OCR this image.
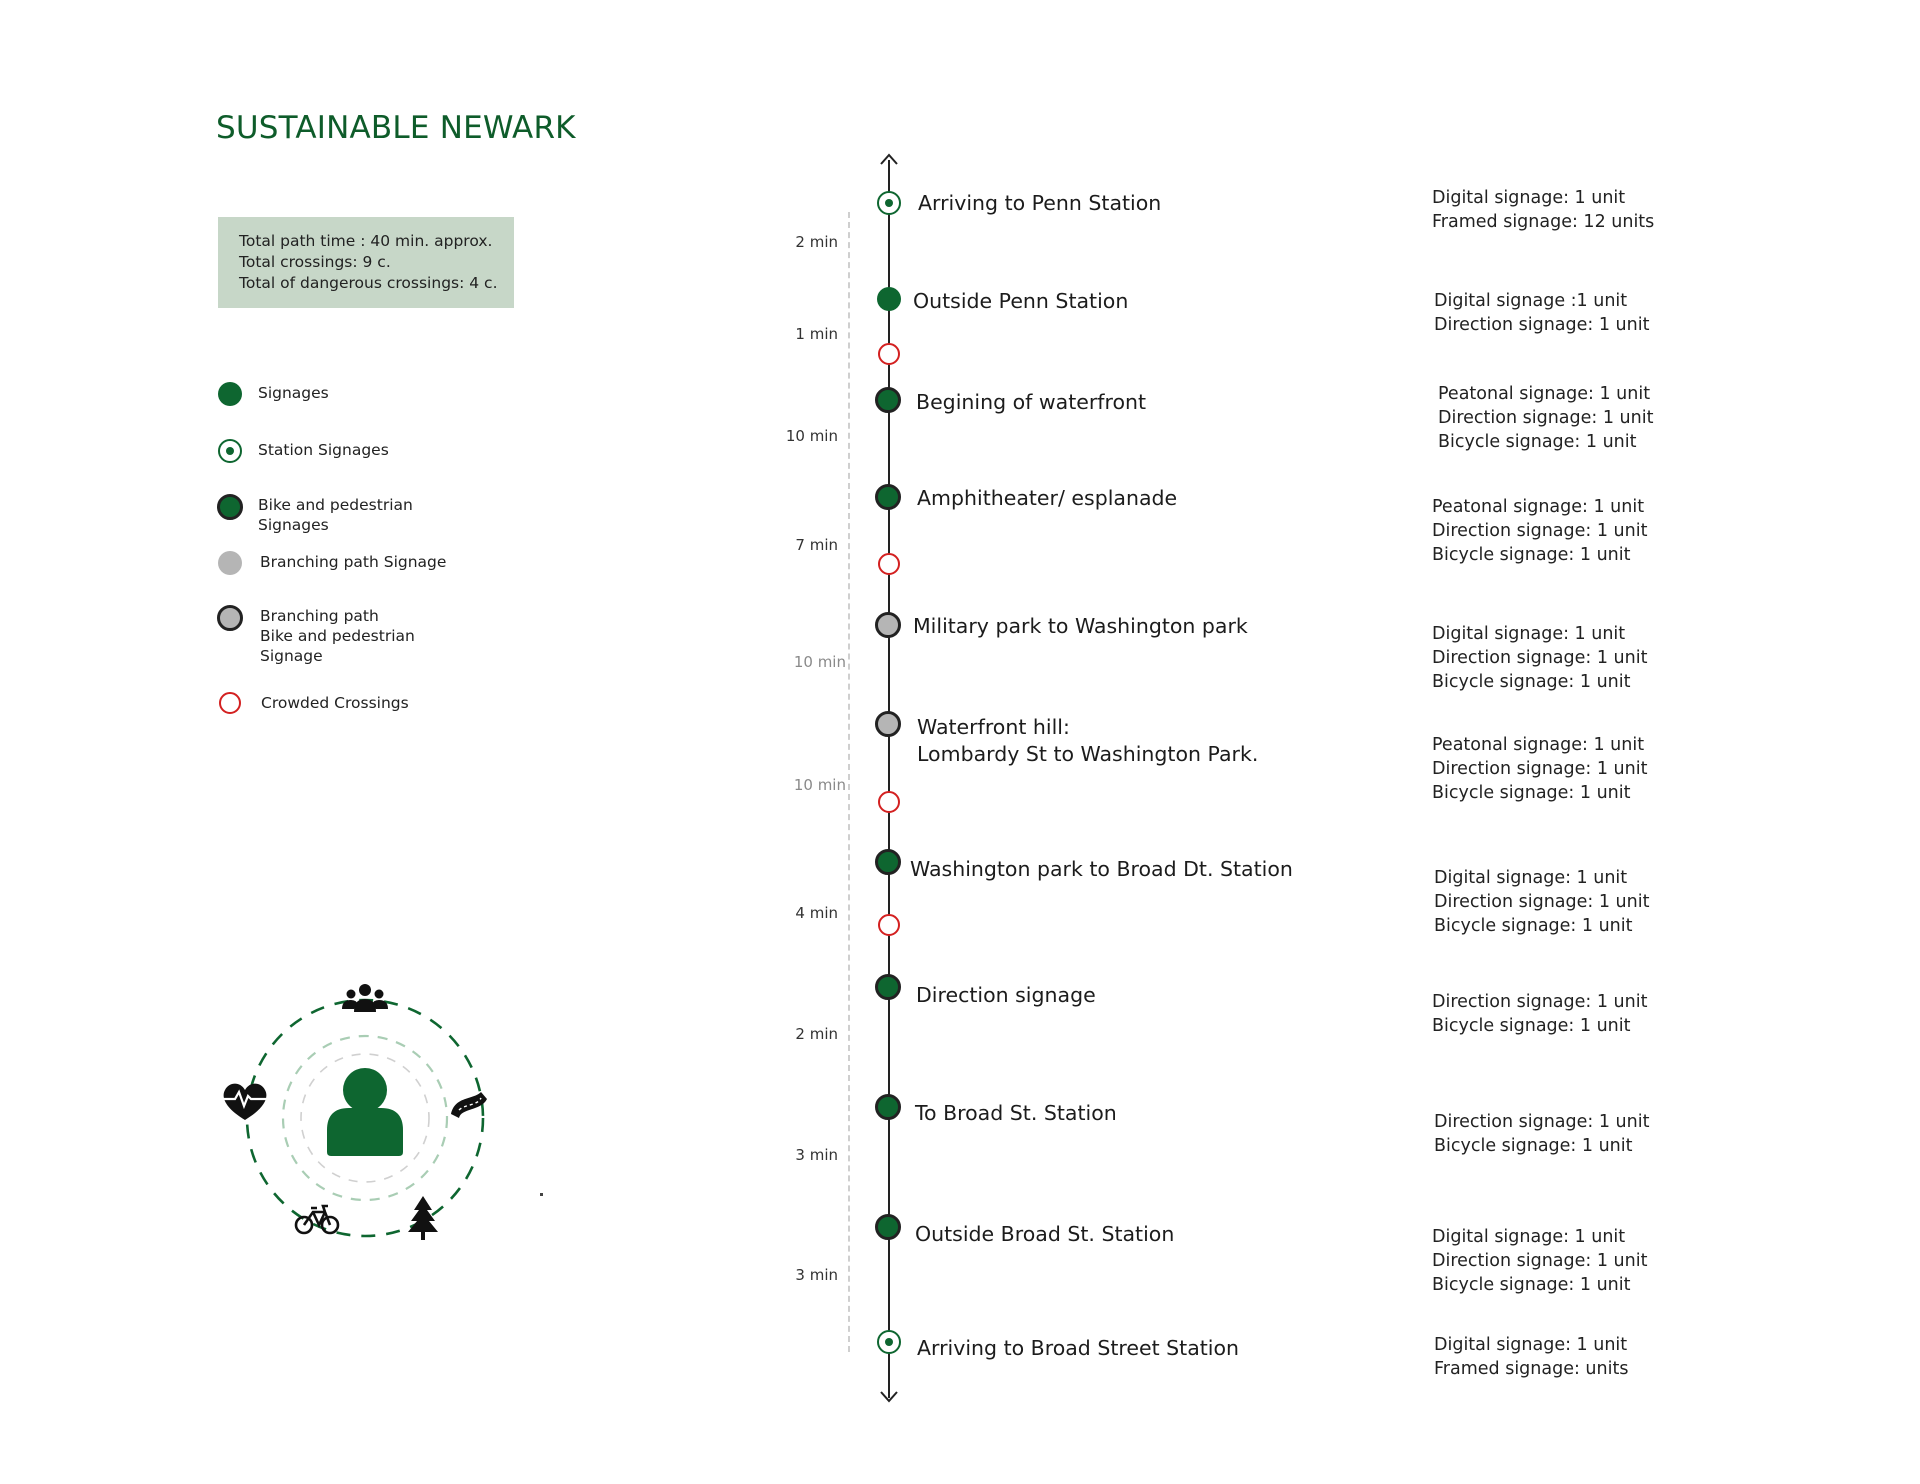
SUSTAINABLE NEWARK
Total path time : 40 min. approx.
Total crossings: 9 c.
Total of dangerous crossings: 4 c.
Signages
Station Signages
Bike and pedestrian
Signages
Branching path Signage
Branching path
Bike and pedestrian
Signage
Crowded Crossings
2 min
1 min
10 min
7 min
10 min
10 min
4 min
2 min
3 min
3 min
Arriving to Penn Station	Digital signage: 1 unit
Framed signage: 12 units
Outside Penn Station	Digital signage :1 unit
Direction signage: 1 unit
Begining of waterfront	Peatonal signage: 1 unit
Direction signage: 1 unit
Bicycle signage: 1 unit
Amphitheater/ esplanade	Peatonal signage: 1 unit
Direction signage: 1 unit
Bicycle signage: 1 unit
Military park to Washington park	Digital signage: 1 unit
Direction signage: 1 unit
Bicycle signage: 1 unit
Waterfront hill:
Lombardy St to Washington Park.	Peatonal signage: 1 unit
Direction signage: 1 unit
Bicycle signage: 1 unit
Washington park to Broad Dt. Station	Digital signage: 1 unit
Direction signage: 1 unit
Bicycle signage: 1 unit
Direction signage	Direction signage: 1 unit
Bicycle signage: 1 unit
To Broad St. Station	Direction signage: 1 unit
Bicycle signage: 1 unit
Outside Broad St. Station	Digital signage: 1 unit
Direction signage: 1 unit
Bicycle signage: 1 unit
Arriving to Broad Street Station	Digital signage: 1 unit
Framed signage: units
